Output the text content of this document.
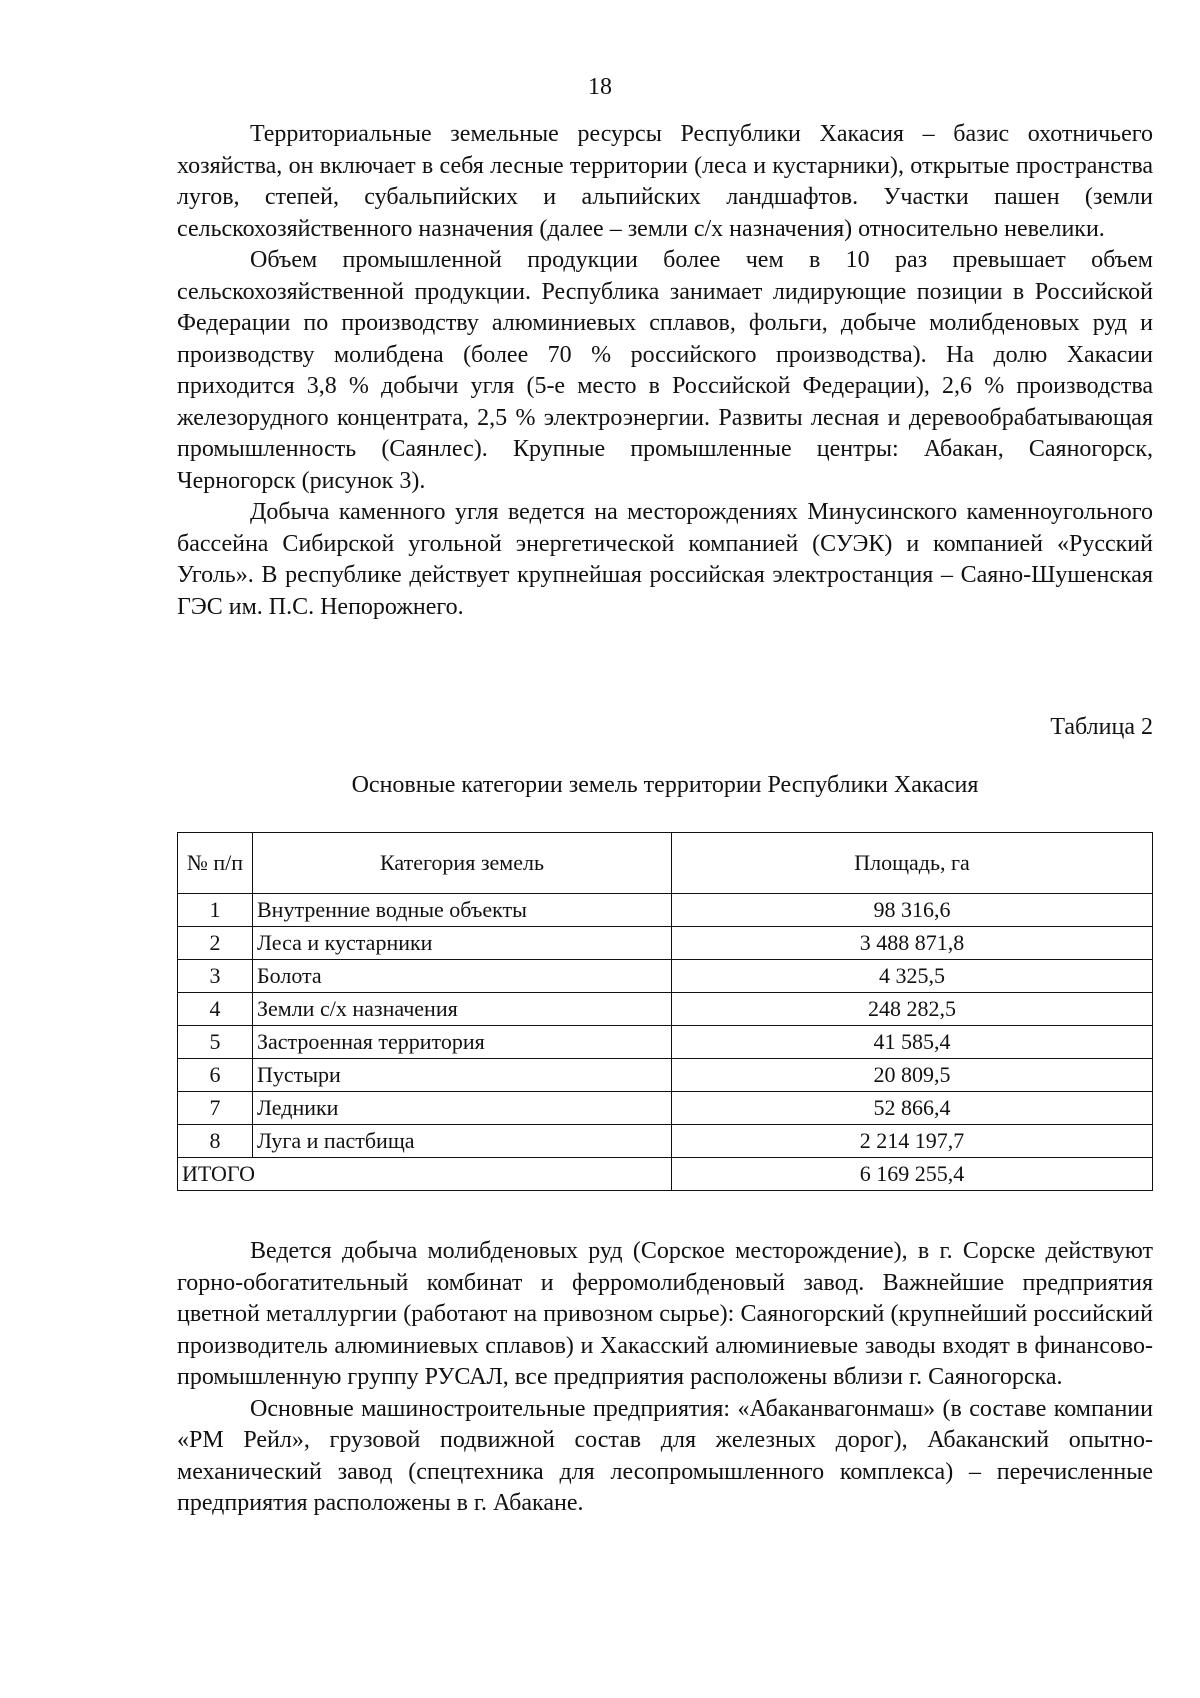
18

Территориальные земельные ресурсы Республики Хакасия – базис охотничьего хозяйства, он включает в себя лесные территории (леса и кустарники), открытые пространства лугов, степей, субальпийских и альпийских ландшафтов. Участки пашен (земли сельскохозяйственного назначения (далее – земли с/х назначения) относительно невелики.

Объем промышленной продукции более чем в 10 раз превышает объем сельскохозяйственной продукции. Республика занимает лидирующие позиции в Российской Федерации по производству алюминиевых сплавов, фольги, добыче молибденовых руд и производству молибдена (более 70 % российского производства). На долю Хакасии приходится 3,8 % добычи угля (5-е место в Российской Федерации), 2,6 % производства железорудного концентрата, 2,5 % электроэнергии. Развиты лесная и деревообрабатывающая промышленность (Саянлес). Крупные промышленные центры: Абакан, Саяногорск, Черногорск (рисунок 3).

Добыча каменного угля ведется на месторождениях Минусинского каменноугольного бассейна Сибирской угольной энергетической компанией (СУЭК) и компанией «Русский Уголь». В республике действует крупнейшая российская электростанция – Саяно-Шушенская ГЭС им. П.С. Непорожнего.

Таблица 2
Основные категории земель территории Республики Хакасия
№ п/п	Категория земель	Площадь, га
1	Внутренние водные объекты	98 316,6
2	Леса и кустарники	3 488 871,8
3	Болота	4 325,5
4	Земли с/х назначения	248 282,5
5	Застроенная территория	41 585,4
6	Пустыри	20 809,5
7	Ледники	52 866,4
8	Луга и пастбища	2 214 197,7
ИТОГО		6 169 255,4

Ведется добыча молибденовых руд (Сорское месторождение), в г. Сорске действуют горно-обогатительный комбинат и ферромолибденовый завод. Важнейшие предприятия цветной металлургии (работают на привозном сырье): Саяногорский (крупнейший российский производитель алюминиевых сплавов) и Хакасский алюминиевые заводы входят в финансово-промышленную группу РУСАЛ, все предприятия расположены вблизи г. Саяногорска.

Основные машиностроительные предприятия: «Абаканвагонмаш» (в составе компании «РМ Рейл», грузовой подвижной состав для железных дорог), Абаканский опытно-механический завод (спецтехника для лесопромышленного комплекса) – перечисленные предприятия расположены в г. Абакане.
